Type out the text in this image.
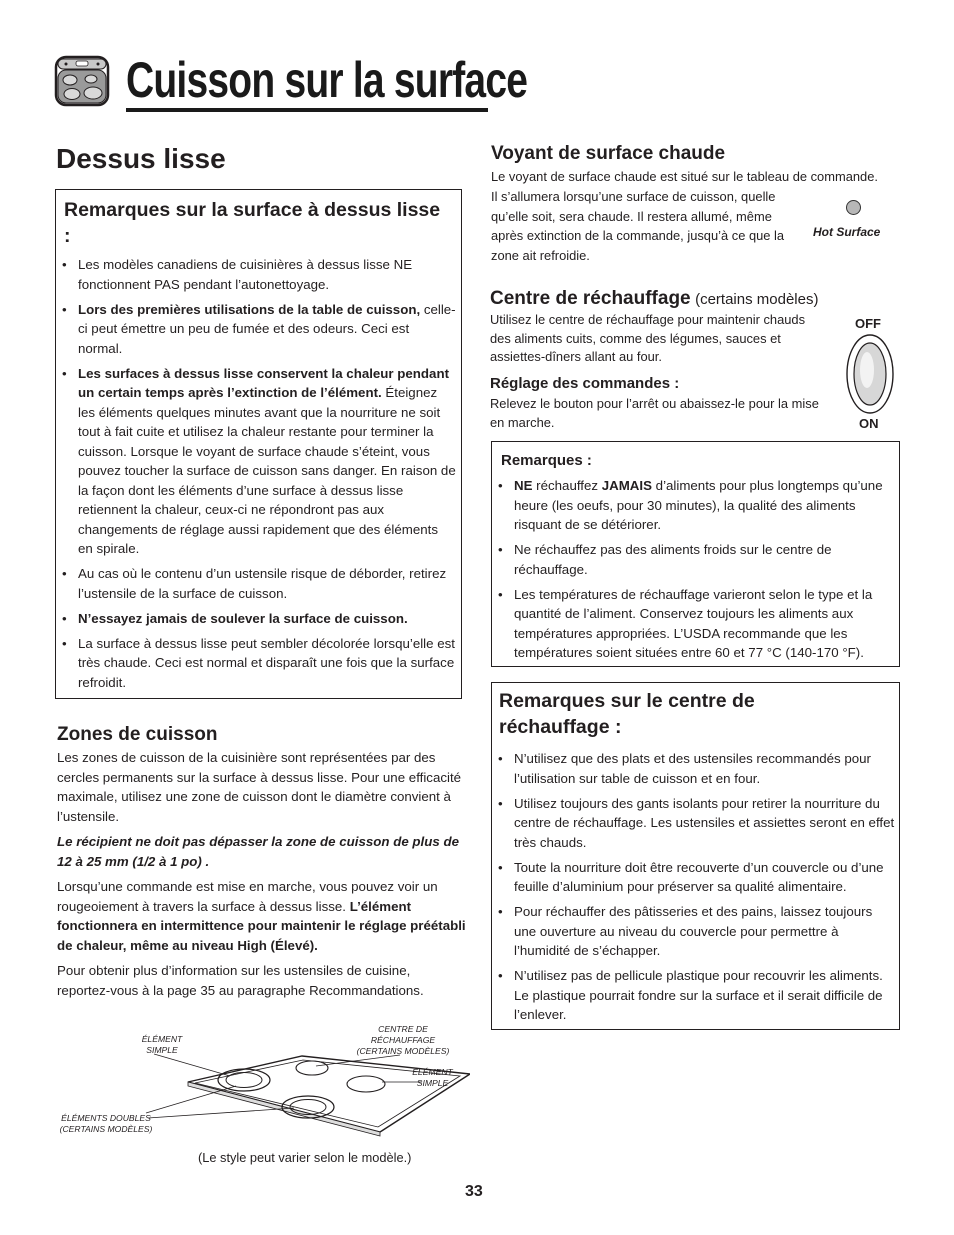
Cuisson sur la surface
Dessus lisse
Remarques sur la surface à dessus lisse :
• Les modèles canadiens de cuisinières à dessus lisse NE fonctionnent PAS pendant l’autonettoyage.
• Lors des premières utilisations de la table de cuisson, celle-ci peut émettre un peu de fumée et des odeurs. Ceci est normal.
• Les surfaces à dessus lisse conservent la chaleur pendant un certain temps après l’extinction de l’élément. Éteignez les éléments quelques minutes avant que la nourriture ne soit tout à fait cuite et utilisez la chaleur restante pour terminer la cuisson. Lorsque le voyant de surface chaude s’éteint, vous pouvez toucher la surface de cuisson sans danger. En raison de la façon dont les éléments d’une surface à dessus lisse retiennent la chaleur, ceux-ci ne répondront pas aux changements de réglage aussi rapidement que des éléments en spirale.
• Au cas où le contenu d’un ustensile risque de déborder, retirez l’ustensile de la surface de cuisson.
• N’essayez jamais de soulever la surface de cuisson.
• La surface à dessus lisse peut sembler décolorée lorsqu’elle est très chaude. Ceci est normal et disparaît une fois que la surface refroidit.
Zones de cuisson

Les zones de cuisson de la cuisinière sont représentées par des cercles permanents sur la surface à dessus lisse. Pour une efficacité maximale, utilisez une zone de cuisson dont le diamètre convient à l’ustensile.

Le récipient ne doit pas dépasser la zone de cuisson de plus de 12 à 25 mm (1/2 à 1 po) .

Lorsqu’une commande est mise en marche, vous pouvez voir un rougeoiement à travers la surface à dessus lisse. L’élément fonctionnera en intermittence pour maintenir le réglage préétabli de chaleur, même au niveau High (Élevé).

Pour obtenir plus d’information sur les ustensiles de cuisine, reportez-vous à la page 35 au paragraphe Recommandations.

ÉLÉMENT
SIMPLE
CENTRE DE
RÉCHAUFFAGE
(CERTAINS MODÈLES)
ÉLÉMENT
SIMPLE
ÉLÉMENTS DOUBLES
(CERTAINS MODÈLES)
(Le style peut varier selon le modèle.)
Voyant de surface chaude

Le voyant de surface chaude est situé sur le tableau de commande.

Il s’allumera lorsqu’une surface de cuisson, quelle qu’elle soit, sera chaude. Il restera allumé, même après extinction de la commande, jusqu’à ce que la zone ait refroidie.

Hot Surface
Centre de réchauffage (certains modèles)

Utilisez le centre de réchauffage pour maintenir chauds des aliments cuits, comme des légumes, sauces et assiettes-dîners allant au four.

Réglage des commandes :

Relevez le bouton pour l’arrêt ou abaissez-le pour la mise en marche.

OFF
ON
Remarques :
• NE réchauffez JAMAIS d’aliments pour plus longtemps qu’une heure (les oeufs, pour 30 minutes), la qualité des aliments risquant de se détériorer.
• Ne réchauffez pas des aliments froids sur le centre de réchauffage.
• Les températures de réchauffage varieront selon le type et la quantité de l’aliment. Conservez toujours les aliments aux températures appropriées. L’USDA recommande que les températures soient situées entre 60 et 77 °C (140-170 °F).
Remarques sur le centre de réchauffage :
• N’utilisez que des plats et des ustensiles recommandés pour l’utilisation sur table de cuisson et en four.
• Utilisez toujours des gants isolants pour retirer la nourriture du centre de réchauffage. Les ustensiles et assiettes seront en effet très chauds.
• Toute la nourriture doit être recouverte d’un couvercle ou d’une feuille d’aluminium pour préserver sa qualité alimentaire.
• Pour réchauffer des pâtisseries et des pains, laissez toujours une ouverture au niveau du couvercle pour permettre à l’humidité de s’échapper.
• N’utilisez pas de pellicule plastique pour recouvrir les aliments. Le plastique pourrait fondre sur la surface et il serait difficile de l’enlever.
33
